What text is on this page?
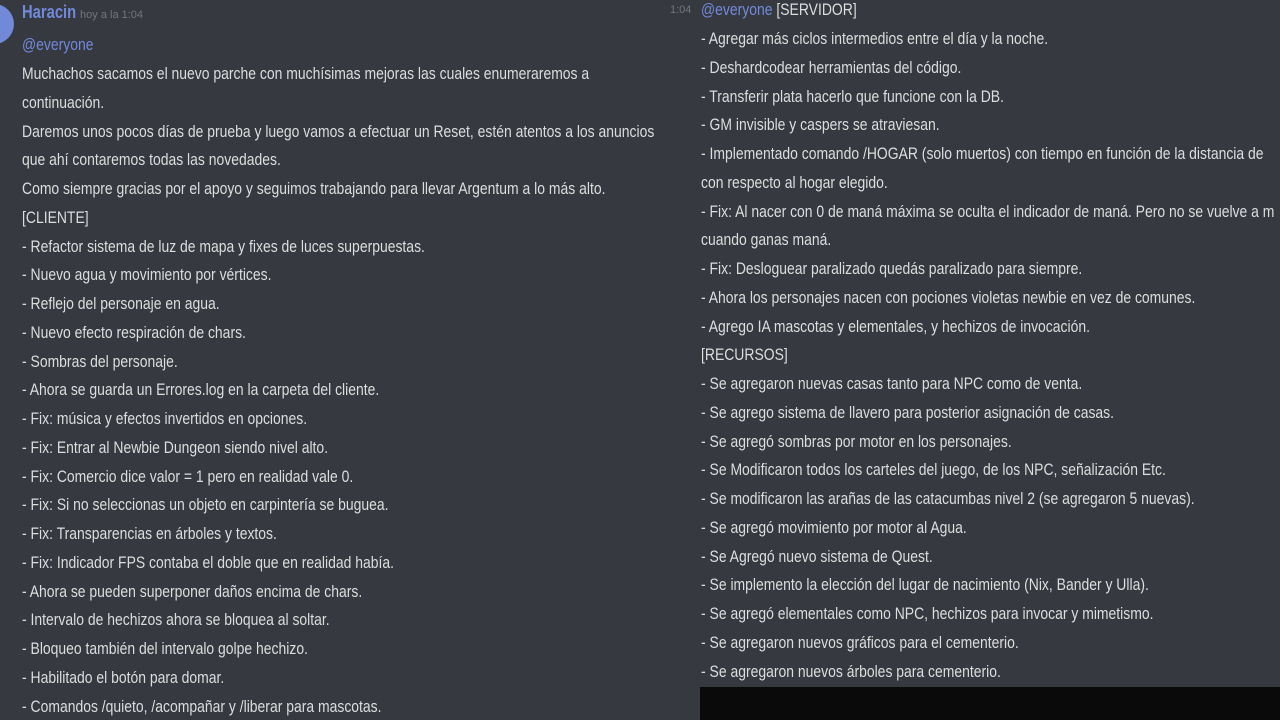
Haracin hoy a la 1:04
@everyone
Muchachos sacamos el nuevo parche con muchísimas mejoras las cuales enumeraremos a
continuación.
Daremos unos pocos días de prueba y luego vamos a efectuar un Reset, estén atentos a los anuncios
que ahí contaremos todas las novedades.
Como siempre gracias por el apoyo y seguimos trabajando para llevar Argentum a lo más alto.
[CLIENTE]
- Refactor sistema de luz de mapa y fixes de luces superpuestas.
- Nuevo agua y movimiento por vértices.
- Reflejo del personaje en agua.
- Nuevo efecto respiración de chars.
- Sombras del personaje.
- Ahora se guarda un Errores.log en la carpeta del cliente.
- Fix: música y efectos invertidos en opciones.
- Fix: Entrar al Newbie Dungeon siendo nivel alto.
- Fix: Comercio dice valor = 1 pero en realidad vale 0.
- Fix: Si no seleccionas un objeto en carpintería se buguea.
- Fix: Transparencias en árboles y textos.
- Fix: Indicador FPS contaba el doble que en realidad había.
- Ahora se pueden superponer daños encima de chars.
- Intervalo de hechizos ahora se bloquea al soltar.
- Bloqueo también del intervalo golpe hechizo.
- Habilitado el botón para domar.
- Comandos /quieto, /acompañar y /liberar para mascotas.
1:04 @everyone [SERVIDOR]
- Agregar más ciclos intermedios entre el día y la noche.
- Deshardcodear herramientas del código.
- Transferir plata hacerlo que funcione con la DB.
- GM invisible y caspers se atraviesan.
- Implementado comando /HOGAR (solo muertos) con tiempo en función de la distancia de
con respecto al hogar elegido.
- Fix: Al nacer con 0 de maná máxima se oculta el indicador de maná. Pero no se vuelve a m
cuando ganas maná.
- Fix: Desloguear paralizado quedás paralizado para siempre.
- Ahora los personajes nacen con pociones violetas newbie en vez de comunes.
- Agrego IA mascotas y elementales, y hechizos de invocación.
[RECURSOS]
- Se agregaron nuevas casas tanto para NPC como de venta.
- Se agrego sistema de llavero para posterior asignación de casas.
- Se agregó sombras por motor en los personajes.
- Se Modificaron todos los carteles del juego, de los NPC, señalización Etc.
- Se modificaron las arañas de las catacumbas nivel 2 (se agregaron 5 nuevas).
- Se agregó movimiento por motor al Agua.
- Se Agregó nuevo sistema de Quest.
- Se implemento la elección del lugar de nacimiento (Nix, Bander y Ulla).
- Se agregó elementales como NPC, hechizos para invocar y mimetismo.
- Se agregaron nuevos gráficos para el cementerio.
- Se agregaron nuevos árboles para cementerio.
